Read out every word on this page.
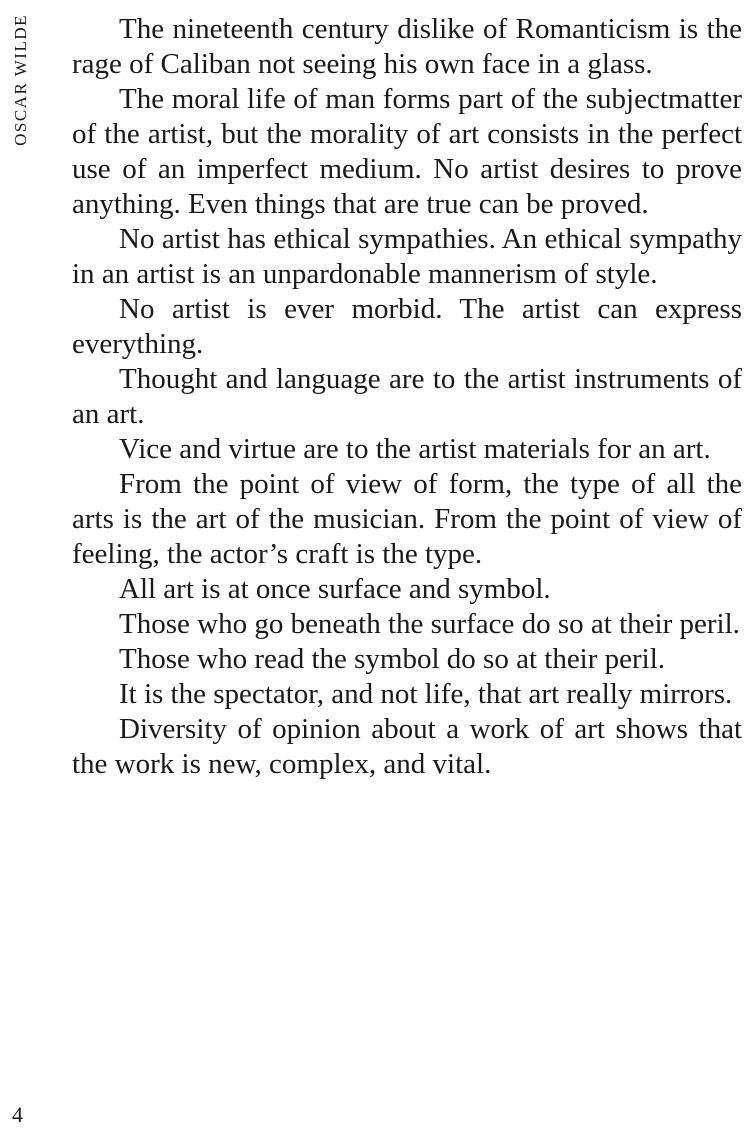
OSCAR WILDE	The nineteenth century dislike of Romanticism is the rage of Caliban not seeing his own face in a glass.

The moral life of man forms part of the subjectmatter of the artist, but the morality of art consists in the perfect use of an imperfect medium. No artist desires to prove anything. Even things that are true can be proved.

No artist has ethical sympathies. An ethical sympathy in an artist is an unpardonable mannerism of style.

No artist is ever morbid. The artist can express everything.

Thought and language are to the artist instruments of an art.

Vice and virtue are to the artist materials for an art.

From the point of view of form, the type of all the arts is the art of the musician. From the point of view of feeling, the actor’s craft is the type.

All art is at once surface and symbol.

Those who go beneath the surface do so at their peril.

Those who read the symbol do so at their peril.

It is the spectator, and not life, that art really mirrors.

Diversity of opinion about a work of art shows that the work is new, complex, and vital.

4
